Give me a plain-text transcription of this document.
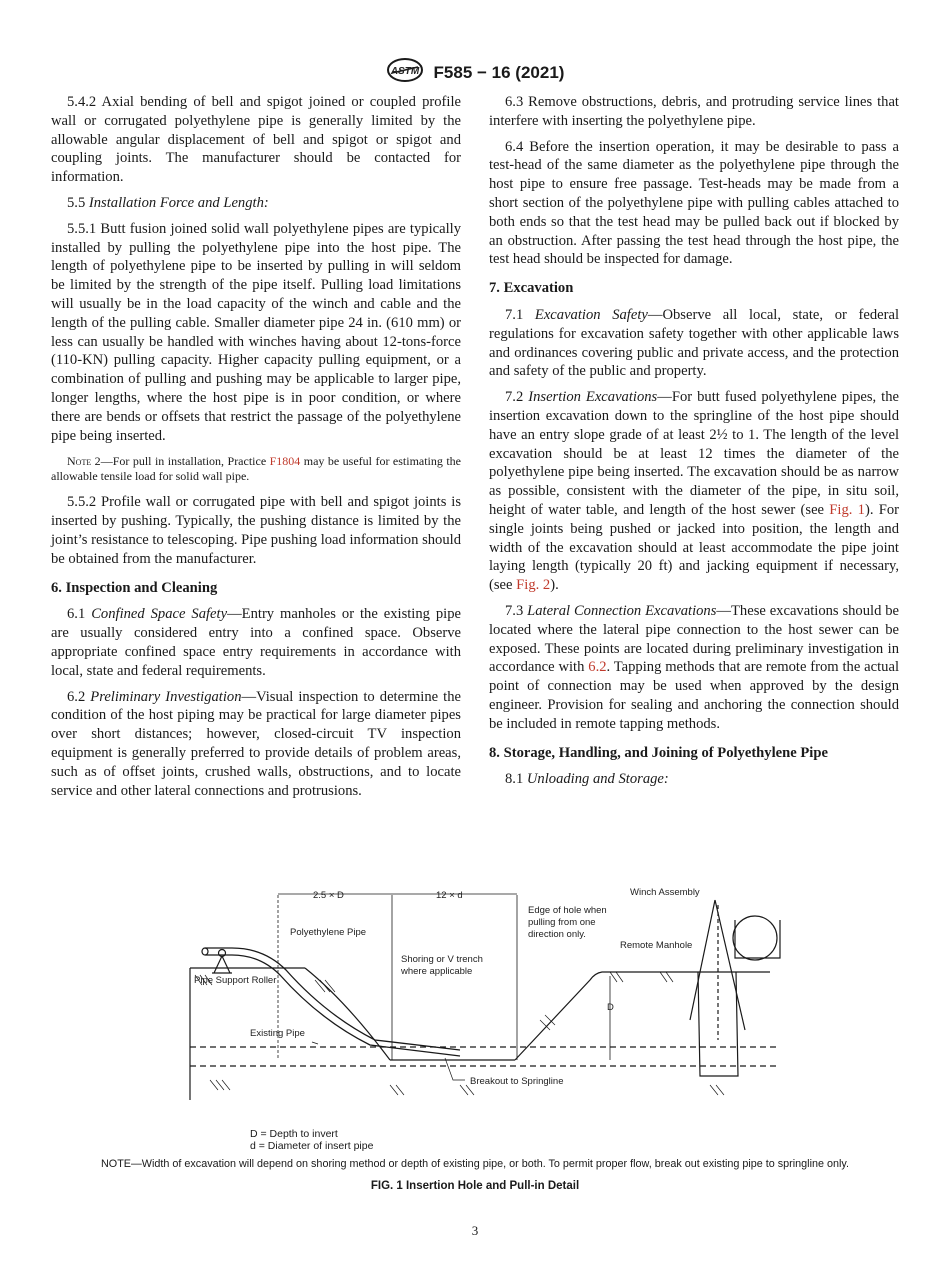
ASTM F585 − 16 (2021)

5.4.2 Axial bending of bell and spigot joined or coupled profile wall or corrugated polyethylene pipe is generally limited by the allowable angular displacement of bell and spigot or spigot and coupling joints. The manufacturer should be contacted for information.

5.5 Installation Force and Length:

5.5.1 Butt fusion joined solid wall polyethylene pipes are typically installed by pulling the polyethylene pipe into the host pipe. The length of polyethylene pipe to be inserted by pulling in will seldom be limited by the strength of the pipe itself. Pulling load limitations will usually be in the load capacity of the winch and cable and the length of the pulling cable. Smaller diameter pipe 24 in. (610 mm) or less can usually be handled with winches having about 12-tons-force (110-KN) pulling capacity. Higher capacity pulling equipment, or a combination of pulling and pushing may be applicable to larger pipe, longer lengths, where the host pipe is in poor condition, or where there are bends or offsets that restrict the passage of the polyethylene pipe being inserted.

Note 2—For pull in installation, Practice F1804 may be useful for estimating the allowable tensile load for solid wall pipe.

5.5.2 Profile wall or corrugated pipe with bell and spigot joints is inserted by pushing. Typically, the pushing distance is limited by the joint’s resistance to telescoping. Pipe pushing load information should be obtained from the manufacturer.

6. Inspection and Cleaning

6.1 Confined Space Safety—Entry manholes or the existing pipe are usually considered entry into a confined space. Observe appropriate confined space entry requirements in accordance with local, state and federal requirements.

6.2 Preliminary Investigation—Visual inspection to determine the condition of the host piping may be practical for large diameter pipes over short distances; however, closed-circuit TV inspection equipment is generally preferred to provide details of problem areas, such as of offset joints, crushed walls, obstructions, and to locate service and other lateral connections and protrusions.

6.3 Remove obstructions, debris, and protruding service lines that interfere with inserting the polyethylene pipe.

6.4 Before the insertion operation, it may be desirable to pass a test-head of the same diameter as the polyethylene pipe through the host pipe to ensure free passage. Test-heads may be made from a short section of the polyethylene pipe with pulling cables attached to both ends so that the test head may be pulled back out if blocked by an obstruction. After passing the test head through the host pipe, the test head should be inspected for damage.

7. Excavation

7.1 Excavation Safety—Observe all local, state, or federal regulations for excavation safety together with other applicable laws and ordinances covering public and private access, and the protection and safety of the public and property.

7.2 Insertion Excavations—For butt fused polyethylene pipes, the insertion excavation down to the springline of the host pipe should have an entry slope grade of at least 2½ to 1. The length of the level excavation should be at least 12 times the diameter of the polyethylene pipe being inserted. The excavation should be as narrow as possible, consistent with the diameter of the pipe, in situ soil, height of water table, and length of the host sewer (see Fig. 1). For single joints being pushed or jacked into position, the length and width of the excavation should at least accommodate the pipe joint laying length (typically 20 ft) and jacking equipment if necessary, (see Fig. 2).

7.3 Lateral Connection Excavations—These excavations should be located where the lateral pipe connection to the host sewer can be exposed. These points are located during preliminary investigation in accordance with 6.2. Tapping methods that are remote from the actual point of connection may be used when approved by the design engineer. Provision for sealing and anchoring the connection should be included in remote tapping methods.

8. Storage, Handling, and Joining of Polyethylene Pipe

8.1 Unloading and Storage:

2.5 × D	12 × d
Polyethylene Pipe
Pipe Support Roller
Shoring or V trench
where applicable
Edge of hole when
pulling from one
direction only.
Winch Assembly
Remote Manhole
D
Existing Pipe
Breakout to Springline
D = Depth to invert
d = Diameter of insert pipe
NOTE—Width of excavation will depend on shoring method or depth of existing pipe, or both. To permit proper flow, break out existing pipe to springline only.
FIG. 1 Insertion Hole and Pull-in Detail
3
